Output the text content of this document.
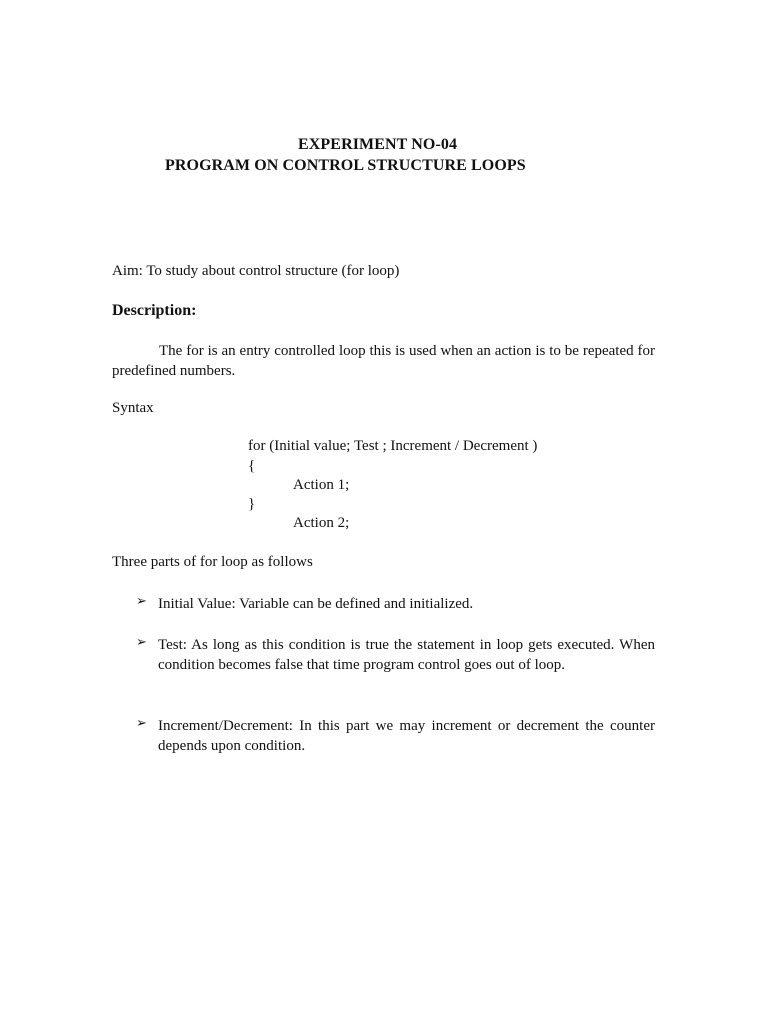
EXPERIMENT NO-04
PROGRAM ON CONTROL STRUCTURE LOOPS
Aim: To study about control structure (for loop)
Description:
The for is an entry controlled loop this is used when an action is to be repeated for predefined numbers.
Syntax
for (Initial value; Test ; Increment / Decrement )
{
Action 1;
}
Action 2;
Three parts of for loop as follows
➢ Initial Value: Variable can be defined and initialized.
➢ Test: As long as this condition is true the statement in loop gets executed. When condition becomes false that time program control goes out of loop.
➢ Increment/Decrement: In this part we may increment or decrement the counter depends upon condition.
